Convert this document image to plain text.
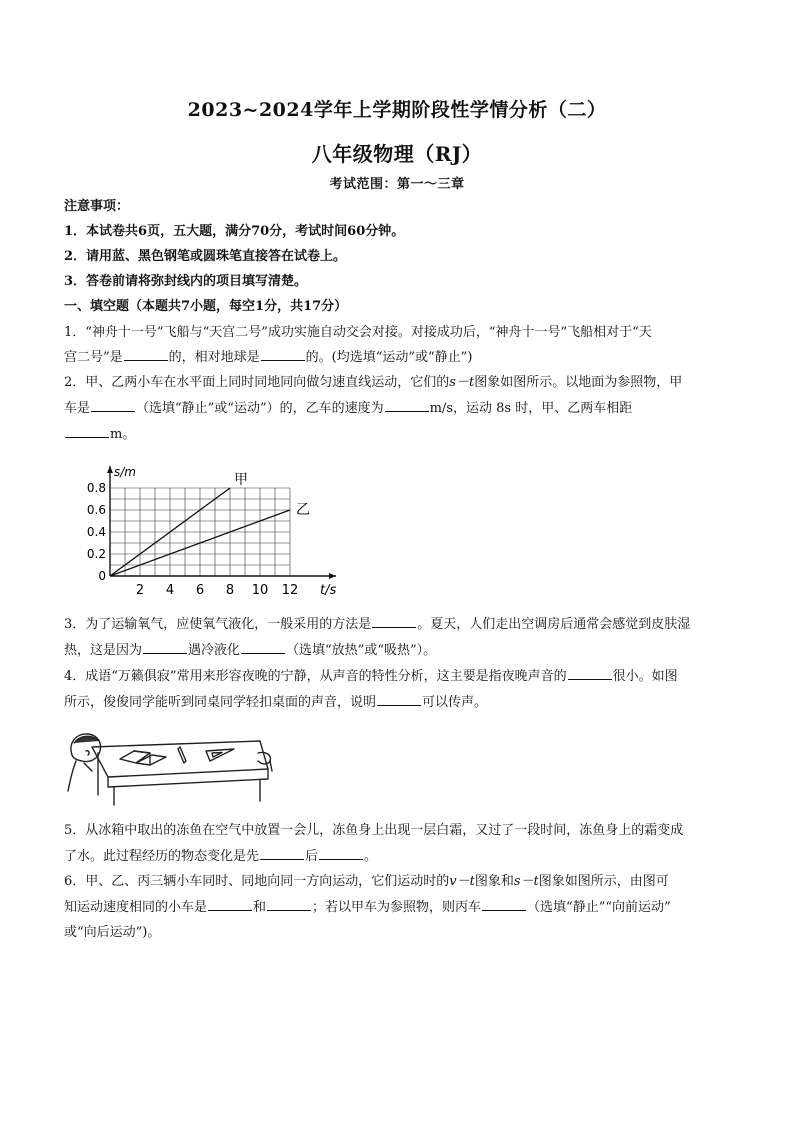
2023~2024学年上学期阶段性学情分析（二）
八年级物理（RJ）
考试范围：第一～三章

注意事项：

1．本试卷共6页，五大题，满分70分，考试时间60分钟。

2．请用蓝、黑色钢笔或圆珠笔直接答在试卷上。

3．答卷前请将弥封线内的项目填写清楚。

一、填空题（本题共7小题，每空1分，共17分）

1．“神舟十一号”飞船与“天宫二号”成功实施自动交会对接。对接成功后，“神舟十一号”飞船相对于“天

宫二号”是	的，相对地球是	的。(均选填“运动”或“静止”)

2．甲、乙两小车在水平面上同时同地同向做匀速直线运动，它们的s－t图象如图所示。以地面为参照物，甲

车是	（选填“静止”或“运动”）的，乙车的速度为	m/s，运动 8s 时，甲、乙两车相距

m。

t/s
s/m	甲
乙
0
0.2
0.4
0.6
0.8
2 4 6 8 10 12

3．为了运输氧气，应使氧气液化，一般采用的方法是	。夏天，人们走出空调房后通常会感觉到皮肤湿

热，这是因为	遇冷液化	（选填“放热”或“吸热”）。

4．成语“万籁俱寂”常用来形容夜晚的宁静，从声音的特性分析，这主要是指夜晚声音的	很小。如图

所示，俊俊同学能听到同桌同学轻扣桌面的声音，说明	可以传声。

5．从冰箱中取出的冻鱼在空气中放置一会儿，冻鱼身上出现一层白霜，又过了一段时间，冻鱼身上的霜变成

了水。此过程经历的物态变化是先	后	。

6．甲、乙、丙三辆小车同时、同地向同一方向运动，它们运动时的v－t图象和s－t图象如图所示，由图可

知运动速度相同的小车是	和	；若以甲车为参照物，则丙车	（选填“静止”“向前运动”

或“向后运动”)。
